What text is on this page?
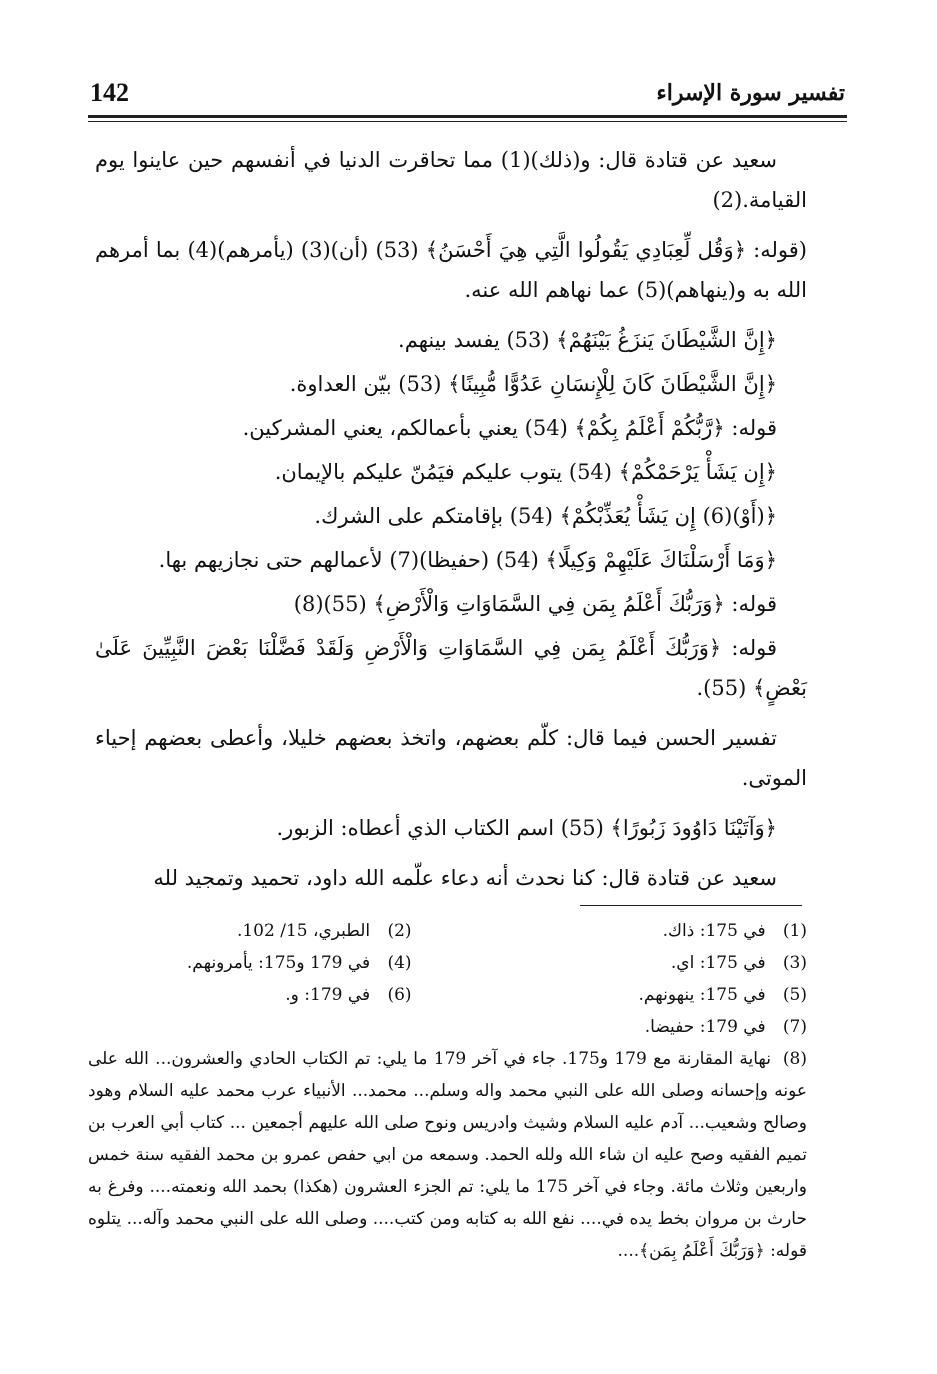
142	تفسير سورة الإسراء

سعيد عن قتادة قال: و(ذلك)(1) مما تحاقرت الدنيا في أنفسهم حين عاينوا يوم القيامة.(2)

(قوله: ﴿وَقُل لِّعِبَادِي يَقُولُوا الَّتِي هِيَ أَحْسَنُ﴾ (53) (أن)(3) (يأمرهم)(4) بما أمرهم الله به و(ينهاهم)(5) عما نهاهم الله عنه.

﴿إِنَّ الشَّيْطَانَ يَنزَغُ بَيْنَهُمْ﴾ (53) يفسد بينهم.

﴿إِنَّ الشَّيْطَانَ كَانَ لِلْإِنسَانِ عَدُوًّا مُّبِينًا﴾ (53) بيّن العداوة.

قوله: ﴿رَّبُّكُمْ أَعْلَمُ بِكُمْ﴾ (54) يعني بأعمالكم، يعني المشركين.

﴿إِن يَشَأْ يَرْحَمْكُمْ﴾ (54) يتوب عليكم فيَمُنّ عليكم بالإيمان.

﴿(أَوْ)(6) إِن يَشَأْ يُعَذِّبْكُمْ﴾ (54) بإقامتكم على الشرك.

﴿وَمَا أَرْسَلْنَاكَ عَلَيْهِمْ وَكِيلًا﴾ (54) (حفيظا)(7) لأعمالهم حتى نجازيهم بها.

قوله: ﴿وَرَبُّكَ أَعْلَمُ بِمَن فِي السَّمَاوَاتِ وَالْأَرْضِ﴾ (55)(8)

قوله: ﴿وَرَبُّكَ أَعْلَمُ بِمَن فِي السَّمَاوَاتِ وَالْأَرْضِ وَلَقَدْ فَضَّلْنَا بَعْضَ النَّبِيِّينَ عَلَىٰ بَعْضٍ﴾ (55).

تفسير الحسن فيما قال: كلّم بعضهم، واتخذ بعضهم خليلا، وأعطى بعضهم إحياء الموتى.

﴿وَآتَيْنَا دَاوُودَ زَبُورًا﴾ (55) اسم الكتاب الذي أعطاه: الزبور.

سعيد عن قتادة قال: كنا نحدث أنه دعاء علّمه الله داود، تحميد وتمجيد لله

(1) في 175: ذاك.
(2) الطبري، 15/ 102.
(3) في 175: اي.
(4) في 179 و175: يأمرونهم.
(5) في 175: ينهونهم.
(6) في 179: و.
(7) في 179: حفيضا.
(8)
نهاية المقارنة مع 179 و175. جاء في آخر 179 ما يلي: تم الكتاب الحادي والعشرون... الله على عونه وإحسانه وصلى الله على النبي محمد واله وسلم... محمد... الأنبياء عرب محمد عليه السلام وهود وصالح وشعيب... آدم عليه السلام وشيث وادريس ونوح صلى الله عليهم أجمعين ... كتاب أبي العرب بن تميم الفقيه وصح عليه ان شاء الله ولله الحمد. وسمعه من ابي حفص عمرو بن محمد الفقيه سنة خمس واربعين وثلاث مائة. وجاء في آخر 175 ما يلي: تم الجزء العشرون (هكذا) بحمد الله ونعمته.... وفرغ به حارث بن مروان بخط يده في.... نفع الله به كتابه ومن كتب.... وصلى الله على النبي محمد وآله... يتلوه قوله: ﴿وَرَبُّكَ أَعْلَمُ بِمَن﴾....
